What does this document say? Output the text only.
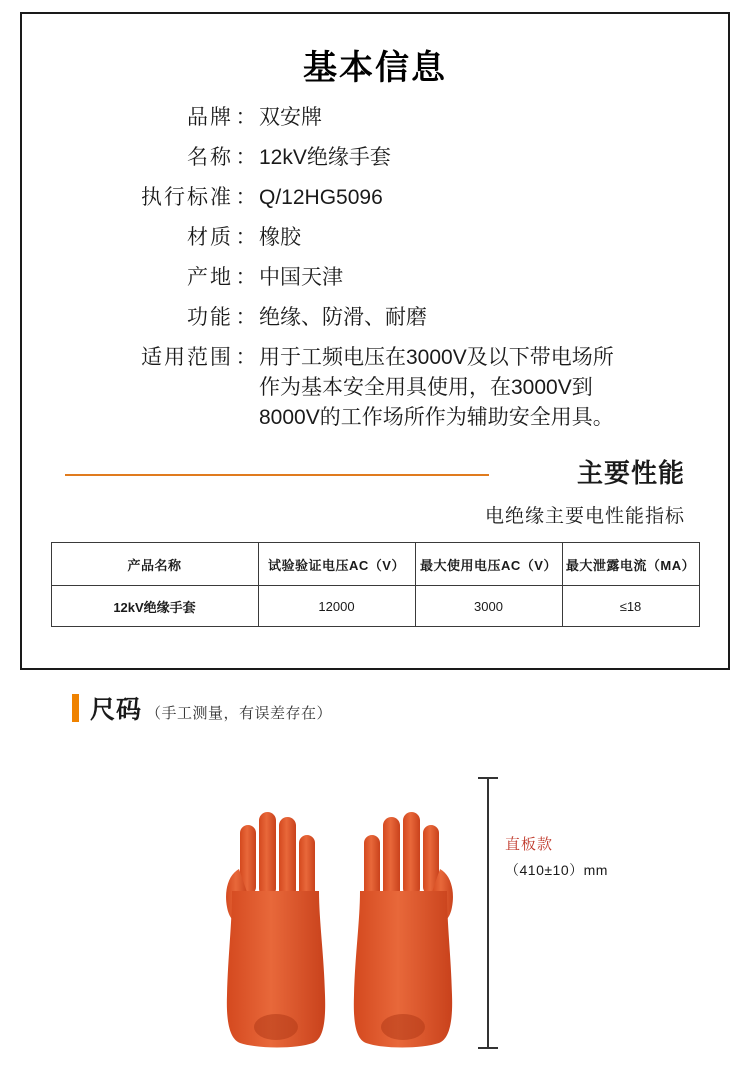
基本信息
品牌 ： 双安牌
名称 ： 12kV绝缘手套
执行标准 ： Q/12HG5096
材质 ： 橡胶
产地 ： 中国天津
功能 ： 绝缘、防滑、耐磨
适用范围 ： 用于工频电压在3000V及以下带电场所
作为基本安全用具使用，在3000V到
8000V的工作场所作为辅助安全用具。
主要性能
电绝缘主要电性能指标
产品名称	试验验证电压AC（V）	最大使用电压AC（V）	最大泄露电流（MA）
12kV绝缘手套	12000	3000	≤18
尺码 （手工测量，有误差存在）
直板款
（410±10）mm
